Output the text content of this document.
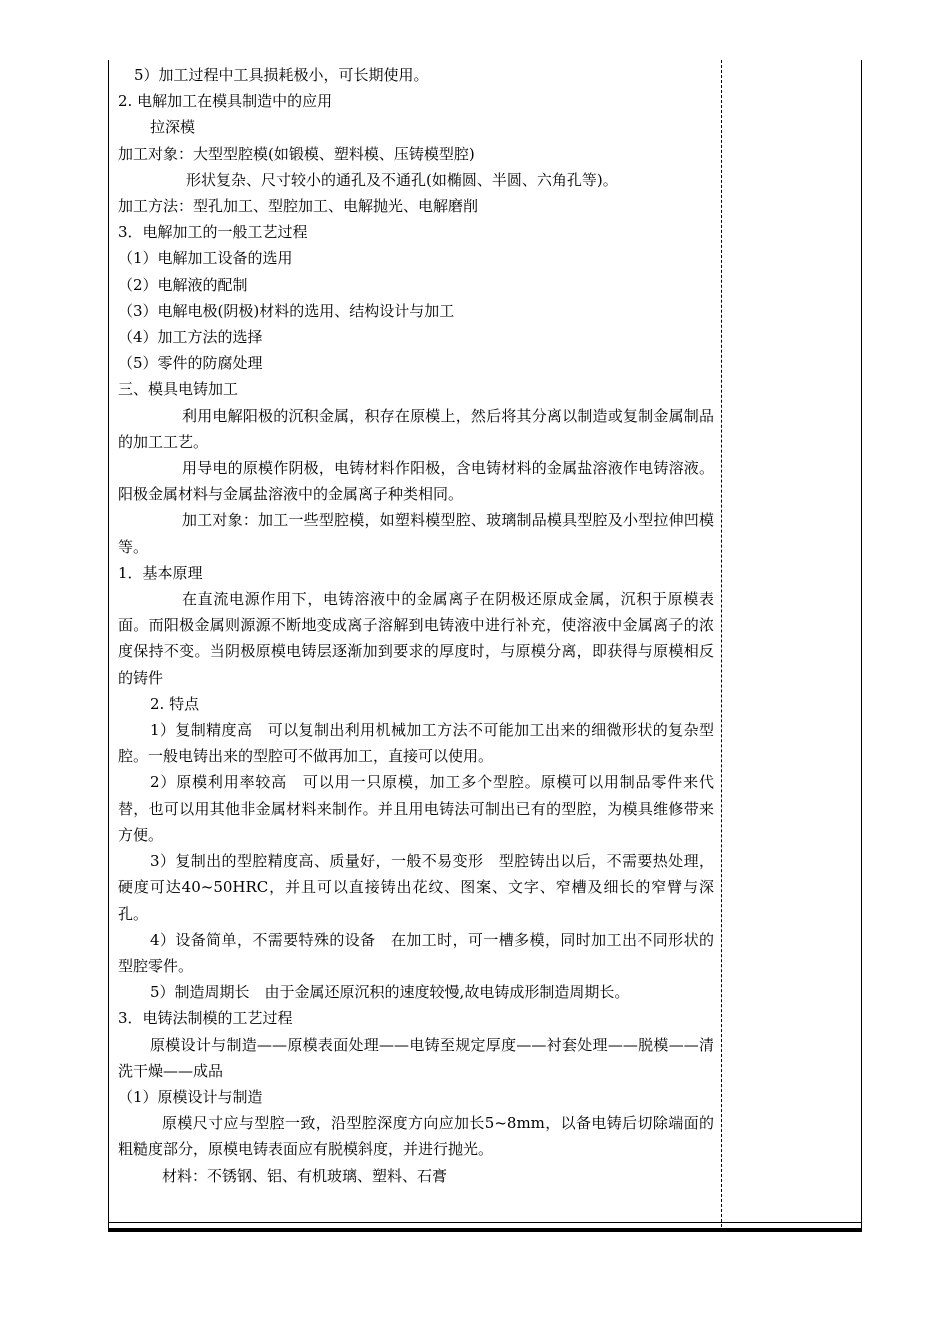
5）加工过程中工具损耗极小，可长期使用。
2. 电解加工在模具制造中的应用
拉深模
加工对象：大型型腔模(如锻模、塑料模、压铸模型腔)
形状复杂、尺寸较小的通孔及不通孔(如椭圆、半圆、六角孔等)。
加工方法：型孔加工、型腔加工、电解抛光、电解磨削
3．电解加工的一般工艺过程
（1）电解加工设备的选用
（2）电解液的配制
（3）电解电极(阴极)材料的选用、结构设计与加工
（4）加工方法的选择
（5）零件的防腐处理
三、模具电铸加工
利用电解阳极的沉积金属，积存在原模上，然后将其分离以制造或复制金属制品的加工工艺。
用导电的原模作阴极，电铸材料作阳极，含电铸材料的金属盐溶液作电铸溶液。阳极金属材料与金属盐溶液中的金属离子种类相同。
加工对象：加工一些型腔模，如塑料模型腔、玻璃制品模具型腔及小型拉伸凹模等。
1．基本原理
在直流电源作用下，电铸溶液中的金属离子在阴极还原成金属，沉积于原模表面。而阳极金属则源源不断地变成离子溶解到电铸液中进行补充，使溶液中金属离子的浓度保持不变。当阴极原模电铸层逐渐加到要求的厚度时，与原模分离，即获得与原模相反的铸件
2. 特点
1）复制精度高　可以复制出利用机械加工方法不可能加工出来的细微形状的复杂型腔。一般电铸出来的型腔可不做再加工，直接可以使用。
2）原模利用率较高　可以用一只原模，加工多个型腔。原模可以用制品零件来代替，也可以用其他非金属材料来制作。并且用电铸法可制出已有的型腔，为模具维修带来方便。
3）复制出的型腔精度高、质量好，一般不易变形　型腔铸出以后，不需要热处理，硬度可达40~50HRC，并且可以直接铸出花纹、图案、文字、窄槽及细长的窄臂与深孔。
4）设备简单，不需要特殊的设备　在加工时，可一槽多模，同时加工出不同形状的型腔零件。
5）制造周期长　由于金属还原沉积的速度较慢,故电铸成形制造周期长。
3．电铸法制模的工艺过程
原模设计与制造——原模表面处理——电铸至规定厚度——衬套处理——脱模——清洗干燥——成品
（1）原模设计与制造
原模尺寸应与型腔一致，沿型腔深度方向应加长5~8mm，以备电铸后切除端面的粗糙度部分，原模电铸表面应有脱模斜度，并进行抛光。
材料：不锈钢、铝、有机玻璃、塑料、石膏
